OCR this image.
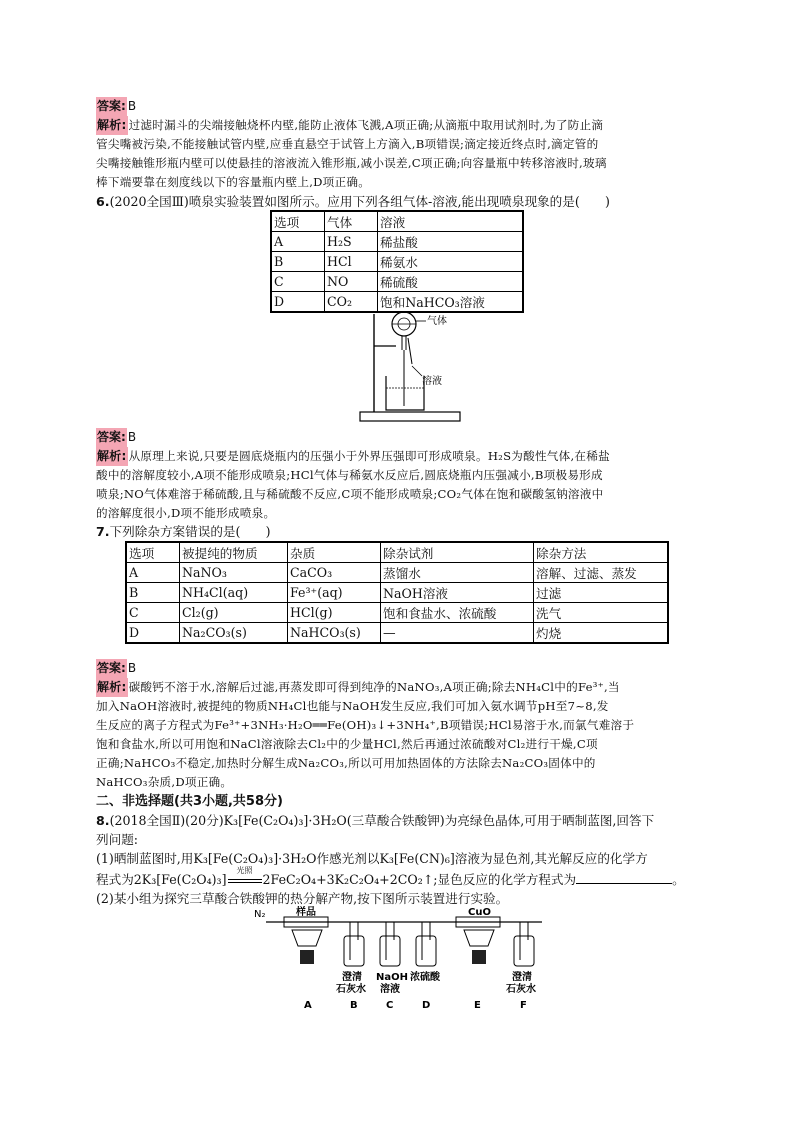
答案: B
解析: 过滤时漏斗的尖端接触烧杯内壁,能防止液体飞溅,A项正确;从滴瓶中取用试剂时,为了防止滴
管尖嘴被污染,不能接触试管内壁,应垂直悬空于试管上方滴入,B项错误;滴定接近终点时,滴定管的
尖嘴接触锥形瓶内壁可以使悬挂的溶液流入锥形瓶,减小误差,C项正确;向容量瓶中转移溶液时,玻璃
棒下端要靠在刻度线以下的容量瓶内壁上,D项正确。
6.(2020全国Ⅲ)喷泉实验装置如图所示。应用下列各组气体-溶液,能出现喷泉现象的是(　　)
选项	气体	溶液
A	H₂S	稀盐酸
B	HCl	稀氨水
C	NO	稀硫酸
D	CO₂	饱和NaHCO₃溶液
气体
溶液
答案: B
解析: 从原理上来说,只要是圆底烧瓶内的压强小于外界压强即可形成喷泉。H₂S为酸性气体,在稀盐
酸中的溶解度较小,A项不能形成喷泉;HCl气体与稀氨水反应后,圆底烧瓶内压强减小,B项极易形成
喷泉;NO气体难溶于稀硫酸,且与稀硫酸不反应,C项不能形成喷泉;CO₂气体在饱和碳酸氢钠溶液中
的溶解度很小,D项不能形成喷泉。
7.下列除杂方案错误的是(　　)
选项	被提纯的物质	杂质	除杂试剂	除杂方法
A	NaNO₃	CaCO₃	蒸馏水	溶解、过滤、蒸发
B	NH₄Cl(aq)	Fe³⁺(aq)	NaOH溶液	过滤
C	Cl₂(g)	HCl(g)	饱和食盐水、浓硫酸	洗气
D	Na₂CO₃(s)	NaHCO₃(s)	—	灼烧
答案: B
解析: 碳酸钙不溶于水,溶解后过滤,再蒸发即可得到纯净的NaNO₃,A项正确;除去NH₄Cl中的Fe³⁺,当
加入NaOH溶液时,被提纯的物质NH₄Cl也能与NaOH发生反应,我们可加入氨水调节pH至7~8,发
生反应的离子方程式为Fe³⁺+3NH₃·H₂O══Fe(OH)₃↓+3NH₄⁺,B项错误;HCl易溶于水,而氯气难溶于
饱和食盐水,所以可用饱和NaCl溶液除去Cl₂中的少量HCl,然后再通过浓硫酸对Cl₂进行干燥,C项
正确;NaHCO₃不稳定,加热时分解生成Na₂CO₃,所以可用加热固体的方法除去Na₂CO₃固体中的
NaHCO₃杂质,D项正确。
二、非选择题(共3小题,共58分)
8.(2018全国Ⅱ)(20分)K₃[Fe(C₂O₄)₃]·3H₂O(三草酸合铁酸钾)为亮绿色晶体,可用于晒制蓝图,回答下
列问题:
(1)晒制蓝图时,用K₃[Fe(C₂O₄)₃]·3H₂O作感光剂以K₃[Fe(CN)₆]溶液为显色剂,其光解反应的化学方
程式为2K₃[Fe(C₂O₄)₃]
光照
2FeC₂O₄+3K₂C₂O₄+2CO₂↑;显色反应的化学方程式为	。
(2)某小组为探究三草酸合铁酸钾的热分解产物,按下图所示装置进行实验。
N₂	样品	CuO
澄清
石灰水
NaOH
溶液
浓硫酸	澄清
石灰水
A	B	C	D	E	F
